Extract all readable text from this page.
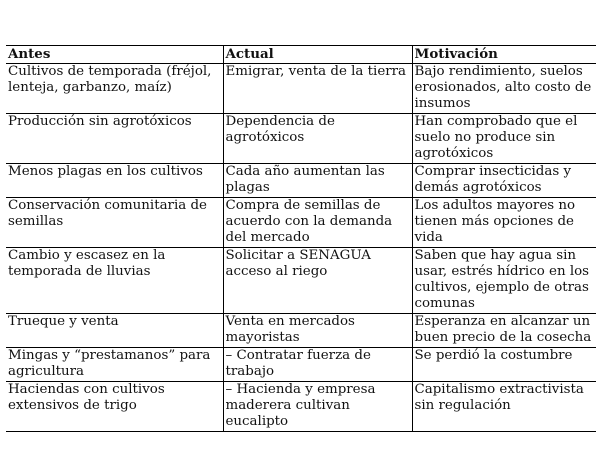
Antes	Actual	Motivación
Cultivos de temporada (fréjol, lenteja, garbanzo, maíz)	Emigrar, venta de la tierra	Bajo rendimiento, suelos erosionados, alto costo de insumos
Producción sin agrotóxicos	Dependencia de agrotóxicos	Han comprobado que el suelo no produce sin agrotóxicos
Menos plagas en los cultivos	Cada año aumentan las plagas	Comprar insecticidas y demás agrotóxicos
Conservación comunitaria de semillas	Compra de semillas de acuerdo con la demanda del mercado	Los adultos mayores no tienen más opciones de vida
Cambio y escasez en la temporada de lluvias	Solicitar a SENAGUA acceso al riego	Saben que hay agua sin usar, estrés hídrico en los cultivos, ejemplo de otras comunas
Trueque y venta	Venta en mercados mayoristas	Esperanza en alcanzar un buen precio de la cosecha
Mingas y “prestamanos” para agricultura	– Contratar fuerza de trabajo	Se perdió la costumbre
Haciendas con cultivos extensivos de trigo	– Hacienda y empresa maderera cultivan eucalipto	Capitalismo extractivista sin regulación
